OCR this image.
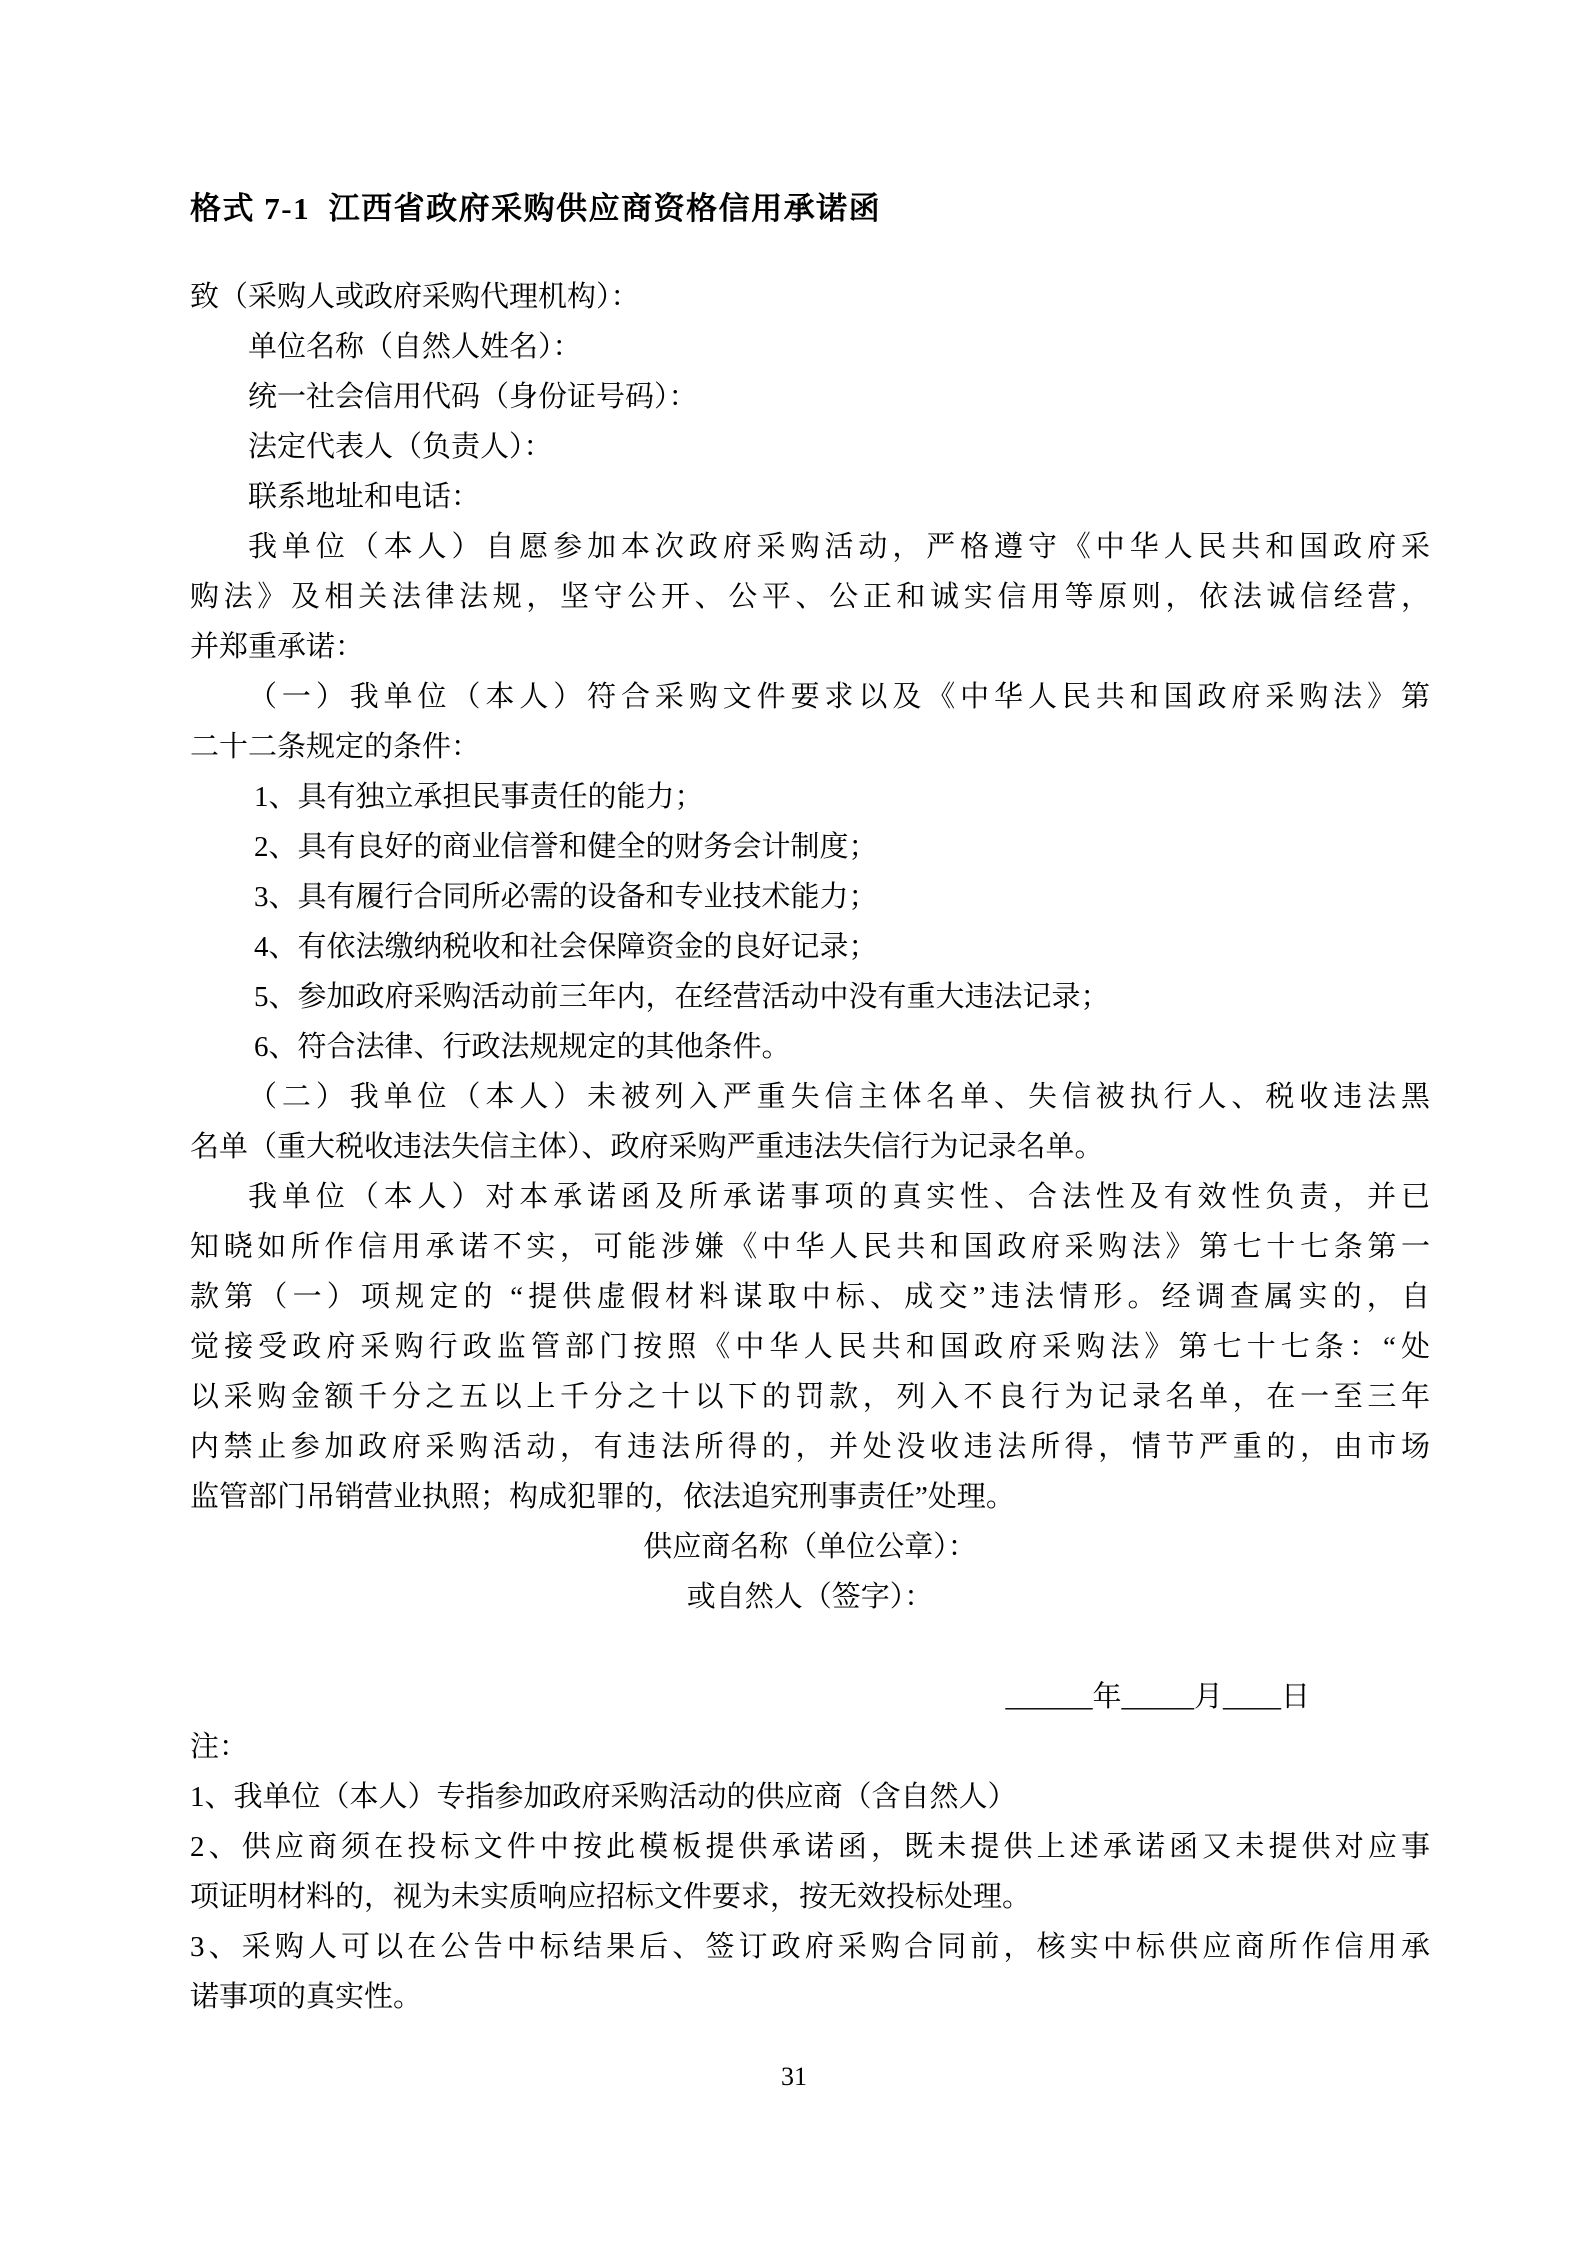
格式 7-1  江西省政府采购供应商资格信用承诺函
致（采购人或政府采购代理机构）：
单位名称（自然人姓名）：
统一社会信用代码（身份证号码）：
法定代表人（负责人）：
联系地址和电话：
我单位（本人）自愿参加本次政府采购活动，严格遵守《中华人民共和国政府采
购法》及相关法律法规，坚守公开、公平、公正和诚实信用等原则，依法诚信经营，
并郑重承诺：
（一）我单位（本人）符合采购文件要求以及《中华人民共和国政府采购法》第
二十二条规定的条件：
1、具有独立承担民事责任的能力；
2、具有良好的商业信誉和健全的财务会计制度；
3、具有履行合同所必需的设备和专业技术能力；
4、有依法缴纳税收和社会保障资金的良好记录；
5、参加政府采购活动前三年内，在经营活动中没有重大违法记录；
6、符合法律、行政法规规定的其他条件。
（二）我单位（本人）未被列入严重失信主体名单、失信被执行人、税收违法黑
名单（重大税收违法失信主体）、政府采购严重违法失信行为记录名单。
我单位（本人）对本承诺函及所承诺事项的真实性、合法性及有效性负责，并已
知晓如所作信用承诺不实，可能涉嫌《中华人民共和国政府采购法》第七十七条第一
款第（一）项规定的 “提供虚假材料谋取中标、成交”违法情形。经调查属实的，自
觉接受政府采购行政监管部门按照《中华人民共和国政府采购法》第七十七条：“处
以采购金额千分之五以上千分之十以下的罚款，列入不良行为记录名单，在一至三年
内禁止参加政府采购活动，有违法所得的，并处没收违法所得，情节严重的，由市场
监管部门吊销营业执照；构成犯罪的，依法追究刑事责任”处理。
供应商名称（单位公章）：
或自然人（签字）：
______年_____月____日
注：
1、我单位（本人）专指参加政府采购活动的供应商（含自然人）
2、供应商须在投标文件中按此模板提供承诺函，既未提供上述承诺函又未提供对应事
项证明材料的，视为未实质响应招标文件要求，按无效投标处理。
3、采购人可以在公告中标结果后、签订政府采购合同前，核实中标供应商所作信用承
诺事项的真实性。
31
